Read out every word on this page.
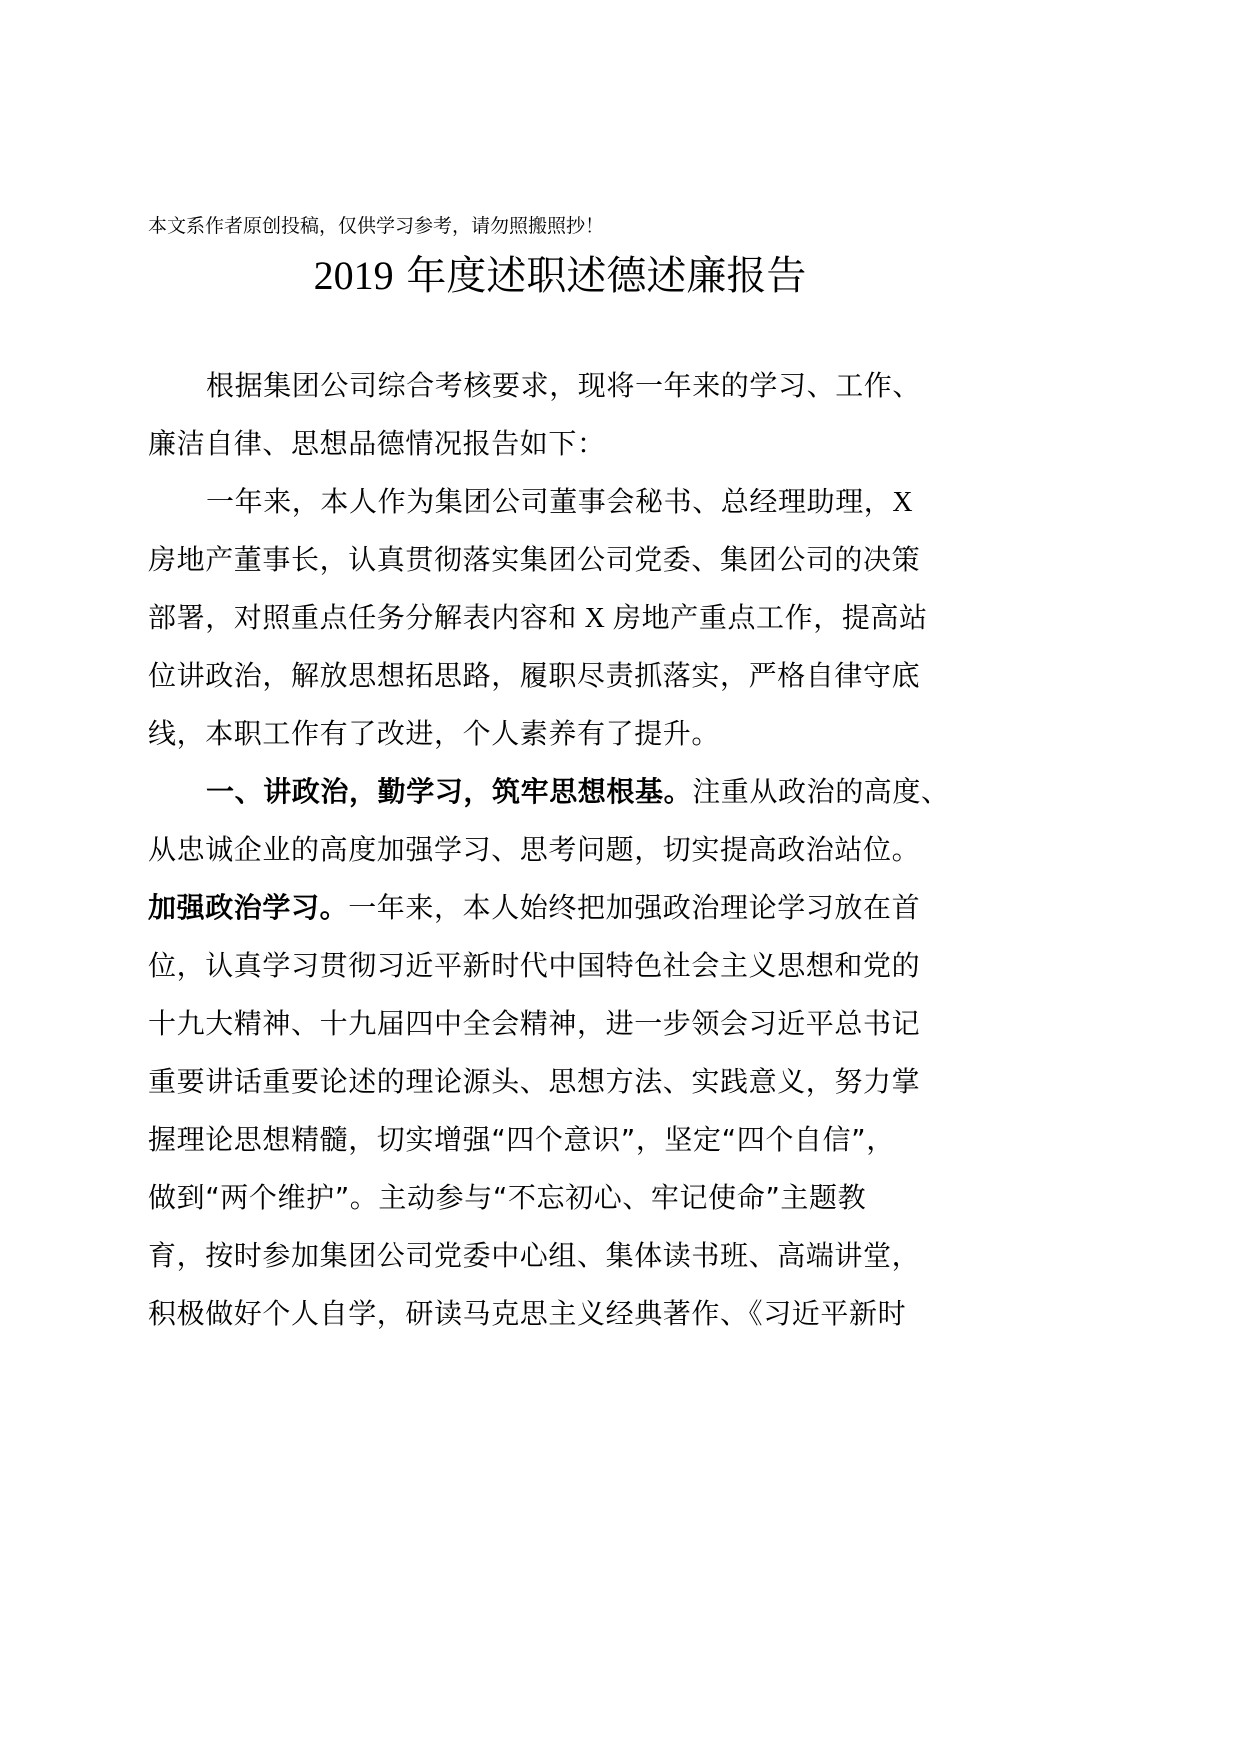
本文系作者原创投稿，仅供学习参考，请勿照搬照抄！
2019 年度述职述德述廉报告
根据集团公司综合考核要求，现将一年来的学习、工作、
廉洁自律、思想品德情况报告如下：
一年来，本人作为集团公司董事会秘书、总经理助理，X
房地产董事长，认真贯彻落实集团公司党委、集团公司的决策
部署，对照重点任务分解表内容和 X 房地产重点工作，提高站
位讲政治，解放思想拓思路，履职尽责抓落实，严格自律守底
线，本职工作有了改进，个人素养有了提升。
一、讲政治，勤学习，筑牢思想根基。注重从政治的高度、
从忠诚企业的高度加强学习、思考问题，切实提高政治站位。
加强政治学习。一年来，本人始终把加强政治理论学习放在首
位，认真学习贯彻习近平新时代中国特色社会主义思想和党的
十九大精神、十九届四中全会精神，进一步领会习近平总书记
重要讲话重要论述的理论源头、思想方法、实践意义，努力掌
握理论思想精髓，切实增强“四个意识”，坚定“四个自信”，
做到“两个维护”。主动参与“不忘初心、牢记使命”主题教
育，按时参加集团公司党委中心组、集体读书班、高端讲堂，
积极做好个人自学，研读马克思主义经典著作、《习近平新时
